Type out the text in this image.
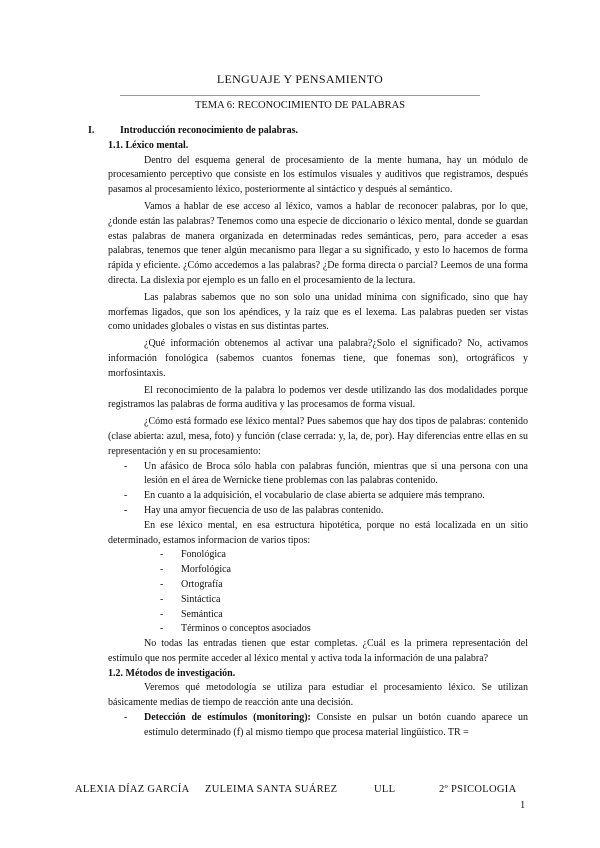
LENGUAJE Y PENSAMIENTO
TEMA 6: RECONOCIMIENTO DE PALABRAS

I.	Introducción reconocimiento de palabras.

1.1. Léxico mental.

Dentro del esquema general de procesamiento de la mente humana, hay un módulo de procesamiento perceptivo que consiste en los estímulos visuales y auditivos que registramos, después pasamos al procesamiento léxico, posteriormente al sintáctico y después al semántico.

Vamos a hablar de ese acceso al léxico, vamos a hablar de reconocer palabras, por lo que, ¿donde están las palabras? Tenemos como una especie de diccionario o léxico mental, donde se guardan estas palabras de manera organizada en determinadas redes semánticas, pero, para acceder a esas palabras, tenemos que tener algún mecanismo para llegar a su significado, y esto lo hacemos de forma rápida y eficiente. ¿Cómo accedemos a las palabras? ¿De forma directa o parcial? Leemos de una forma directa. La dislexia por ejemplo es un fallo en el procesamiento de la lectura.

Las palabras sabemos que no son solo una unidad mínima con significado, sino que hay morfemas ligados, que son los apéndices, y la raíz que es el lexema. Las palabras pueden ser vistas como unidades globales o vistas en sus distintas partes.

¿Qué información obtenemos al activar una palabra?¿Solo el significado? No, activamos información fonológica (sabemos cuantos fonemas tiene, que fonemas son), ortográficos y morfosintaxis.

El reconocimiento de la palabra lo podemos ver desde utilizando las dos modalidades porque registramos las palabras de forma auditiva y las procesamos de forma visual.

¿Cómo está formado ese léxico mental? Pues sabemos que hay dos tipos de palabras: contenido (clase abierta: azul, mesa, foto) y función (clase cerrada: y, la, de, por). Hay diferencias entre ellas en su representación y en su procesamiento:

- Un afásico de Broca sólo habla con palabras función, mientras que si una persona con una lesión en el área de Wernicke tiene problemas con las palabras contenido.
- En cuanto a la adquisición, el vocabulario de clase abierta se adquiere más temprano.
- Hay una amyor fiecuencia de uso de las palabras contenido.

En ese léxico mental, en esa estructura hipotética, porque no está localizada en un sitio determinado, estamos informacion de varios tipos:

- Fonológica
- Morfológica
- Ortografía
- Sintáctica
- Semántica
- Términos o conceptos asociados

No todas las entradas tienen que estar completas. ¿Cuál es la primera representación del estímulo que nos permite acceder al léxico mental y activa toda la información de una palabra?

1.2. Métodos de investigación.

Veremos qué metodología se utiliza para estudiar el procesamiento léxico. Se utilizan básicamente medias de tiempo de reacción ante una decisión.

- Detección de estímulos (monitoring): Consiste en pulsar un botón cuando aparece un estímulo determinado (f) al mismo tiempo que procesa material lingüístico. TR =
ALEXIA DÍAZ GARCÍA ZULEIMA SANTA SUÁREZ	ULL	2º PSICOLOGIA
1
